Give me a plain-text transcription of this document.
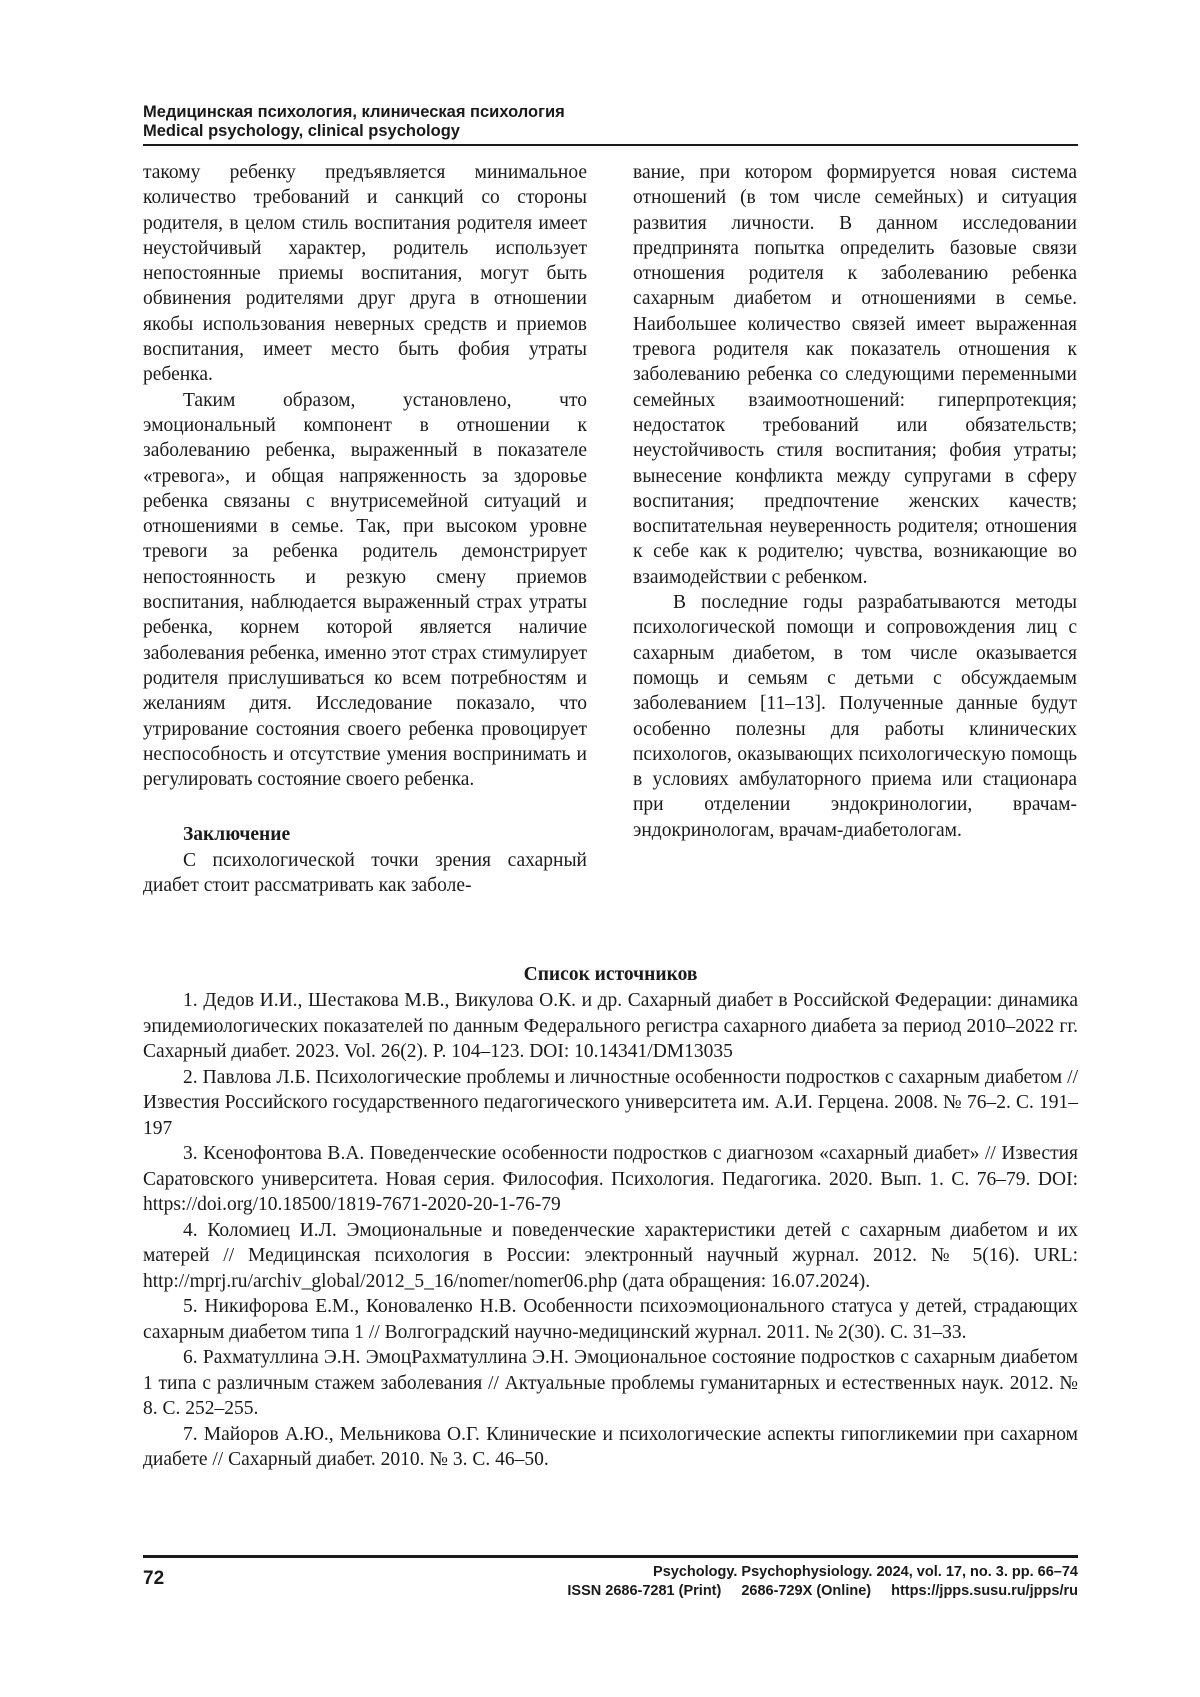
Медицинская психология, клиническая психология
Medical psychology, clinical psychology

такому ребенку предъявляется минимальное количество требований и санкций со стороны родителя, в целом стиль воспитания родителя имеет неустойчивый характер, родитель использует непостоянные приемы воспитания, могут быть обвинения родителями друг друга в отношении якобы использования неверных средств и приемов воспитания, имеет место быть фобия утраты ребенка.

Таким образом, установлено, что эмоциональный компонент в отношении к заболеванию ребенка, выраженный в показателе «тревога», и общая напряженность за здоровье ребенка связаны с внутрисемейной ситуаций и отношениями в семье. Так, при высоком уровне тревоги за ребенка родитель демонстрирует непостоянность и резкую смену приемов воспитания, наблюдается выраженный страх утраты ребенка, корнем которой является наличие заболевания ребенка, именно этот страх стимулирует родителя прислушиваться ко всем потребностям и желаниям дитя. Исследование показало, что утрирование состояния своего ребенка провоцирует неспособность и отсутствие умения воспринимать и регулировать состояние своего ребенка.

Заключение

С психологической точки зрения сахарный диабет стоит рассматривать как заболе-

вание, при котором формируется новая система отношений (в том числе семейных) и ситуация развития личности. В данном исследовании предпринята попытка определить базовые связи отношения родителя к заболеванию ребенка сахарным диабетом и отношениями в семье. Наибольшее количество связей имеет выраженная тревога родителя как показатель отношения к заболеванию ребенка со следующими переменными семейных взаимоотношений: гиперпротекция; недостаток требований или обязательств; неустойчивость стиля воспитания; фобия утраты; вынесение конфликта между супругами в сферу воспитания; предпочтение женских качеств; воспитательная неуверенность родителя; отношения к себе как к родителю; чувства, возникающие во взаимодействии с ребенком.

В последние годы разрабатываются методы психологической помощи и сопровождения лиц с сахарным диабетом, в том числе оказывается помощь и семьям с детьми с обсуждаемым заболеванием [11–13]. Полученные данные будут особенно полезны для работы клинических психологов, оказывающих психологическую помощь в условиях амбулаторного приема или стационара при отделении эндокринологии, врачам-эндокринологам, врачам-диабетологам.

Список источников

1. Дедов И.И., Шестакова М.В., Викулова О.К. и др. Сахарный диабет в Российской Федерации: динамика эпидемиологических показателей по данным Федерального регистра сахарного диабета за период 2010–2022 гг. Сахарный диабет. 2023. Vol. 26(2). P. 104–123. DOI: 10.14341/DM13035

2. Павлова Л.Б. Психологические проблемы и личностные особенности подростков с сахарным диабетом // Известия Российского государственного педагогического университета им. А.И. Герцена. 2008. № 76–2. С. 191–197

3. Ксенофонтова В.А. Поведенческие особенности подростков с диагнозом «сахарный диабет» // Известия Саратовского университета. Новая серия. Философия. Психология. Педагогика. 2020. Вып. 1. С. 76–79. DOI: https://doi.org/10.18500/1819-7671-2020-20-1-76-79

4. Коломиец И.Л. Эмоциональные и поведенческие характеристики детей с сахарным диабетом и их матерей // Медицинская психология в России: электронный научный журнал. 2012. № 5(16). URL: http://mprj.ru/archiv_global/2012_5_16/nomer/nomer06.php (дата обращения: 16.07.2024).

5. Никифорова Е.М., Коноваленко Н.В. Особенности психоэмоционального статуса у детей, страдающих сахарным диабетом типа 1 // Волгоградский научно-медицинский журнал. 2011. № 2(30). С. 31–33.

6. Рахматуллина Э.Н. ЭмоцРахматуллина Э.Н. Эмоциональное состояние подростков с сахарным диабетом 1 типа с различным стажем заболевания // Актуальные проблемы гуманитарных и естественных наук. 2012. № 8. С. 252–255.

7. Майоров А.Ю., Мельникова О.Г. Клинические и психологические аспекты гипогликемии при сахарном диабете // Сахарный диабет. 2010. № 3. С. 46–50.

72	Psychology. Psychophysiology. 2024, vol. 17, no. 3. pp. 66–74
ISSN 2686-7281 (Print) 2686-729X (Online) https://jpps.susu.ru/jpps/ru
